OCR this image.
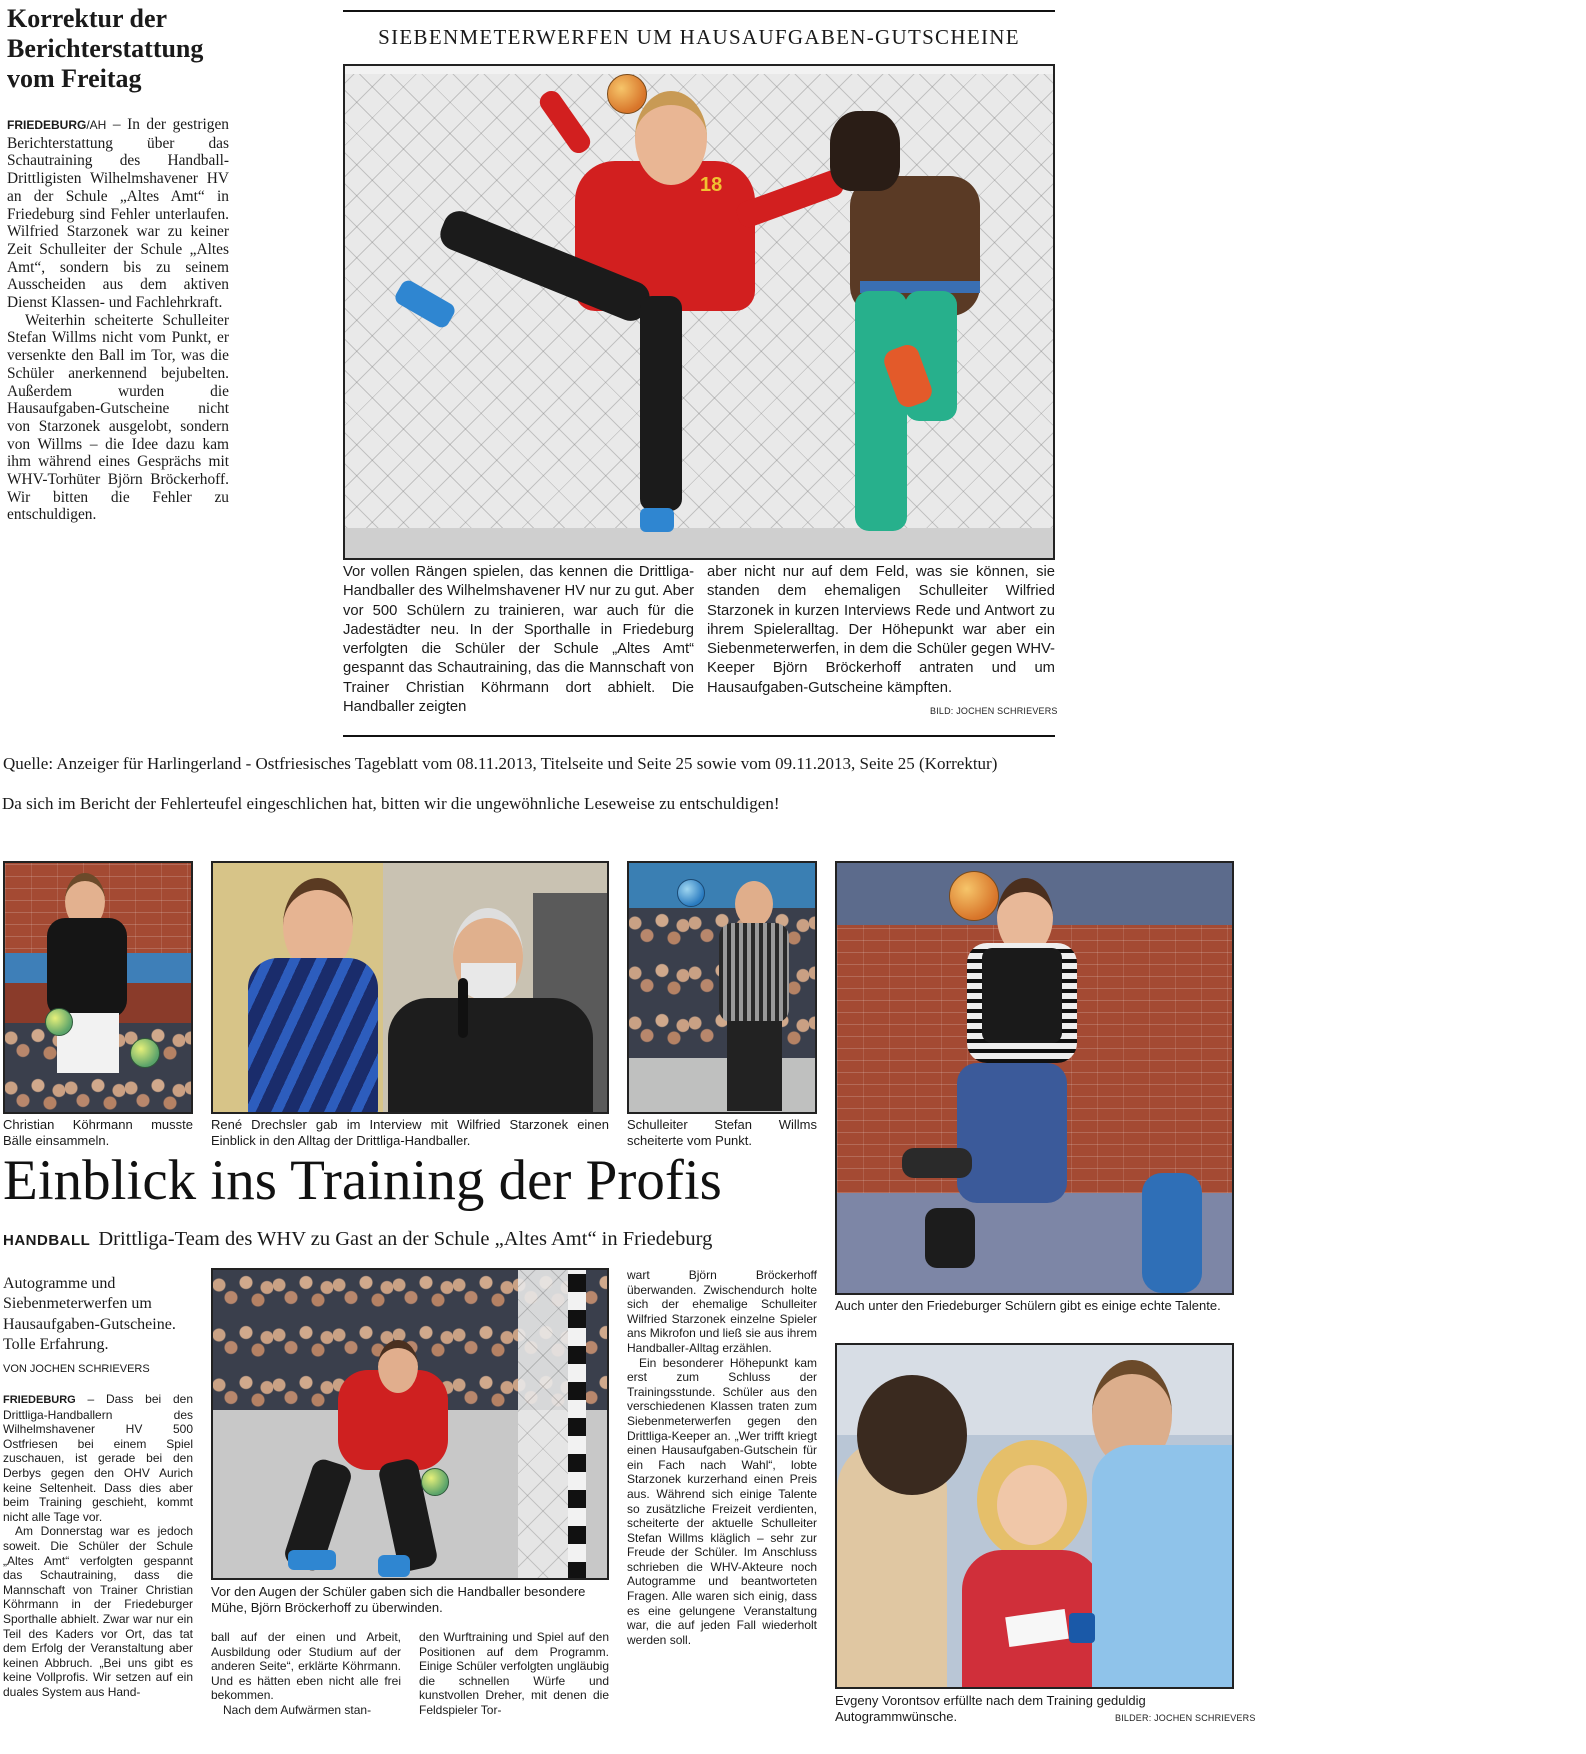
Korrektur der Berichterstattung vom Freitag
FRIEDEBURG/AH – In der gestrigen Berichterstattung über das Schautraining des Handball-Drittligisten Wilhelmshavener HV an der Schule „Altes Amt“ in Friedeburg sind Fehler unterlaufen. Wilfried Starzonek war zu keiner Zeit Schulleiter der Schule „Altes Amt“, sondern bis zu seinem Ausscheiden aus dem aktiven Dienst Klassen- und Fachlehrkraft.
Weiterhin scheiterte Schulleiter Stefan Willms nicht vom Punkt, er versenkte den Ball im Tor, was die Schüler anerkennend bejubelten. Außerdem wurden die Hausaufgaben-Gutscheine nicht von Starzonek ausgelobt, sondern von Willms – die Idee dazu kam ihm während eines Gesprächs mit WHV-Torhüter Björn Bröckerhoff. Wir bitten die Fehler zu entschuldigen.
SIEBENMETERWERFEN UM HAUSAUFGABEN-GUTSCHEINE
18
Vor vollen Rängen spielen, das kennen die Drittliga-Handballer des Wilhelmshavener HV nur zu gut. Aber vor 500 Schülern zu trainieren, war auch für die Jadestädter neu. In der Sporthalle in Friedeburg verfolgten die Schüler der Schule „Altes Amt“ gespannt das Schautraining, das die Mannschaft von Trainer Christian Köhrmann dort abhielt. Die Handballer zeigten
aber nicht nur auf dem Feld, was sie können, sie standen dem ehemaligen Schulleiter Wilfried Starzonek in kurzen Interviews Rede und Antwort zu ihrem Spieleralltag. Der Höhepunkt war aber ein Siebenmeterwerfen, in dem die Schüler gegen WHV-Keeper Björn Bröckerhoff antraten und um Hausaufgaben-Gutscheine kämpften.
BILD: JOCHEN SCHRIEVERS
Quelle: Anzeiger für Harlingerland - Ostfriesisches Tageblatt vom 08.11.2013, Titelseite und Seite 25 sowie vom 09.11.2013, Seite 25 (Korrektur)
Da sich im Bericht der Fehlerteufel eingeschlichen hat, bitten wir die ungewöhnliche Leseweise zu entschuldigen!
Christian Köhrmann musste Bälle einsammeln.
René Drechsler gab im Interview mit Wilfried Starzonek einen Einblick in den Alltag der Drittliga-Handballer.
Schulleiter Stefan Willms scheiterte vom Punkt.
Auch unter den Friedeburger Schülern gibt es einige echte Talente.
Vor den Augen der Schüler gaben sich die Handballer besondere Mühe, Björn Bröckerhoff zu überwinden.
Evgeny Vorontsov erfüllte nach dem Training geduldig Autogrammwünsche.	BILDER: JOCHEN SCHRIEVERS
Einblick ins Training der Profis
HANDBALL Drittliga-Team des WHV zu Gast an der Schule „Altes Amt“ in Friedeburg
Autogramme und Siebenmeterwerfen um Hausaufgaben-Gutscheine. Tolle Erfahrung.
VON JOCHEN SCHRIEVERS

FRIEDEBURG – Dass bei den Drittliga-Handballern des Wilhelmshavener HV 500 Ostfriesen bei einem Spiel zuschauen, ist gerade bei den Derbys gegen den OHV Aurich keine Seltenheit. Dass dies aber beim Training geschieht, kommt nicht alle Tage vor.

Am Donnerstag war es jedoch soweit. Die Schüler der Schule „Altes Amt“ verfolgten gespannt das Schautraining, dass die Mannschaft von Trainer Christian Köhrmann in der Friedeburger Sporthalle abhielt. Zwar war nur ein Teil des Kaders vor Ort, das tat dem Erfolg der Veranstaltung aber keinen Abbruch. „Bei uns gibt es keine Vollprofis. Wir setzen auf ein duales System aus Hand-

ball auf der einen und Arbeit, Ausbildung oder Studium auf der anderen Seite“, erklärte Köhrmann. Und es hätten eben nicht alle frei bekommen.

Nach dem Aufwärmen stan-

den Wurftraining und Spiel auf den Positionen auf dem Programm. Einige Schüler verfolgten ungläubig die schnellen Würfe und kunstvollen Dreher, mit denen die Feldspieler Tor-

wart Björn Bröckerhoff überwanden. Zwischendurch holte sich der ehemalige Schulleiter Wilfried Starzonek einzelne Spieler ans Mikrofon und ließ sie aus ihrem Handballer-Alltag erzählen.

Ein besonderer Höhepunkt kam erst zum Schluss der Trainingsstunde. Schüler aus den verschiedenen Klassen traten zum Siebenmeterwerfen gegen den Drittliga-Keeper an. „Wer trifft kriegt einen Hausaufgaben-Gutschein für ein Fach nach Wahl“, lobte Starzonek kurzerhand einen Preis aus. Während sich einige Talente so zusätzliche Freizeit verdienten, scheiterte der aktuelle Schulleiter Stefan Willms kläglich – sehr zur Freude der Schüler. Im Anschluss schrieben die WHV-Akteure noch Autogramme und beantworteten Fragen. Alle waren sich einig, dass es eine gelungene Veranstaltung war, die auf jeden Fall wiederholt werden soll.
